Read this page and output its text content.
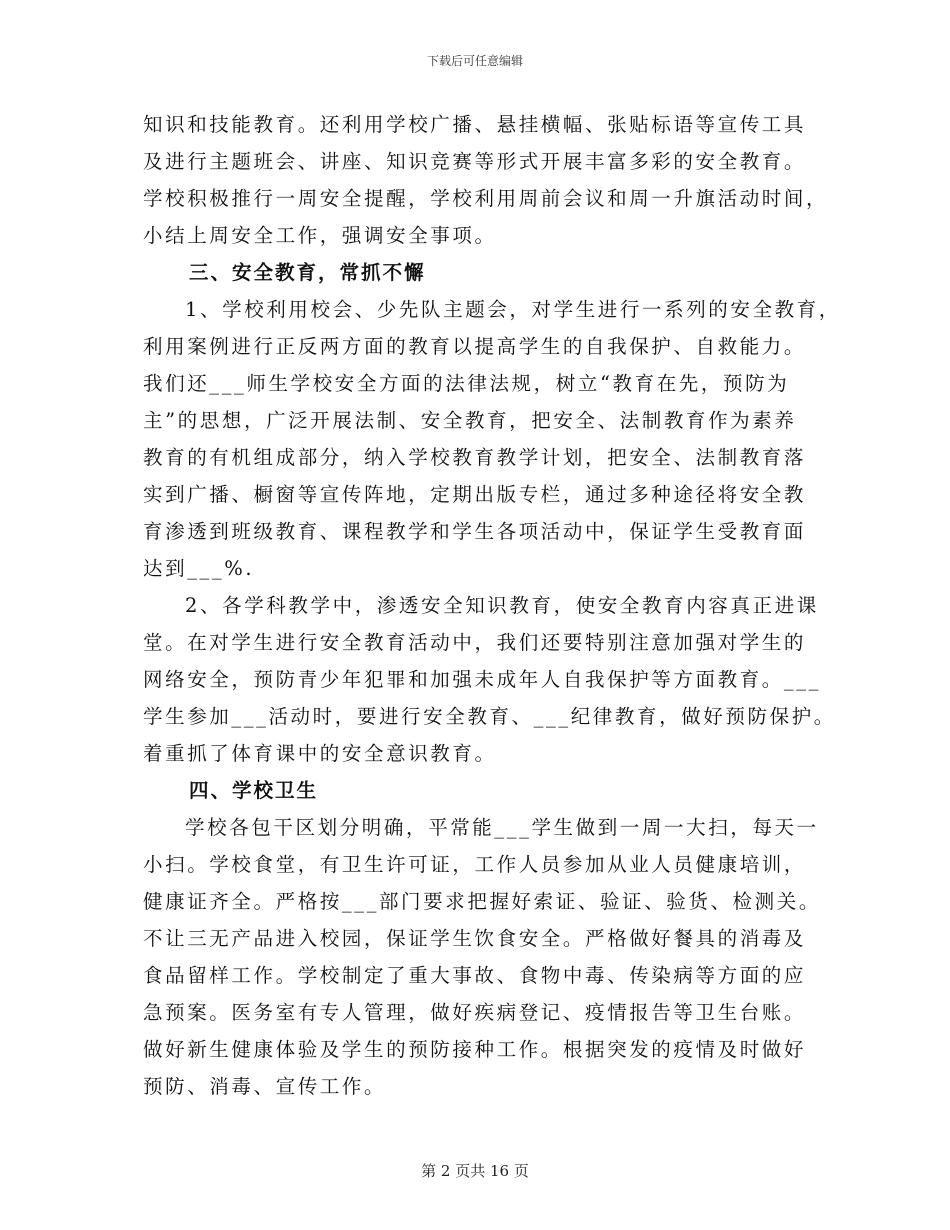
下载后可任意编辑
知识和技能教育。还利用学校广播、悬挂横幅、张贴标语等宣传工具
及进行主题班会、讲座、知识竞赛等形式开展丰富多彩的安全教育。
学校积极推行一周安全提醒，学校利用周前会议和周一升旗活动时间，
小结上周安全工作，强调安全事项。
三、安全教育，常抓不懈
1、学校利用校会、少先队主题会，对学生进行一系列的安全教育，
利用案例进行正反两方面的教育以提高学生的自我保护、自救能力。
我们还___师生学校安全方面的法律法规，树立“教育在先，预防为
主”的思想，广泛开展法制、安全教育，把安全、法制教育作为素养
教育的有机组成部分，纳入学校教育教学计划，把安全、法制教育落
实到广播、橱窗等宣传阵地，定期出版专栏，通过多种途径将安全教
育渗透到班级教育、课程教学和学生各项活动中，保证学生受教育面
达到___%.
2、各学科教学中，渗透安全知识教育，使安全教育内容真正进课
堂。在对学生进行安全教育活动中，我们还要特别注意加强对学生的
网络安全，预防青少年犯罪和加强未成年人自我保护等方面教育。___
学生参加___活动时，要进行安全教育、___纪律教育，做好预防保护。
着重抓了体育课中的安全意识教育。
四、学校卫生
学校各包干区划分明确，平常能___学生做到一周一大扫，每天一
小扫。学校食堂，有卫生许可证，工作人员参加从业人员健康培训，
健康证齐全。严格按___部门要求把握好索证、验证、验货、检测关。
不让三无产品进入校园，保证学生饮食安全。严格做好餐具的消毒及
食品留样工作。学校制定了重大事故、食物中毒、传染病等方面的应
急预案。医务室有专人管理，做好疾病登记、疫情报告等卫生台账。
做好新生健康体验及学生的预防接种工作。根据突发的疫情及时做好
预防、消毒、宣传工作。
第 2 页共 16 页
